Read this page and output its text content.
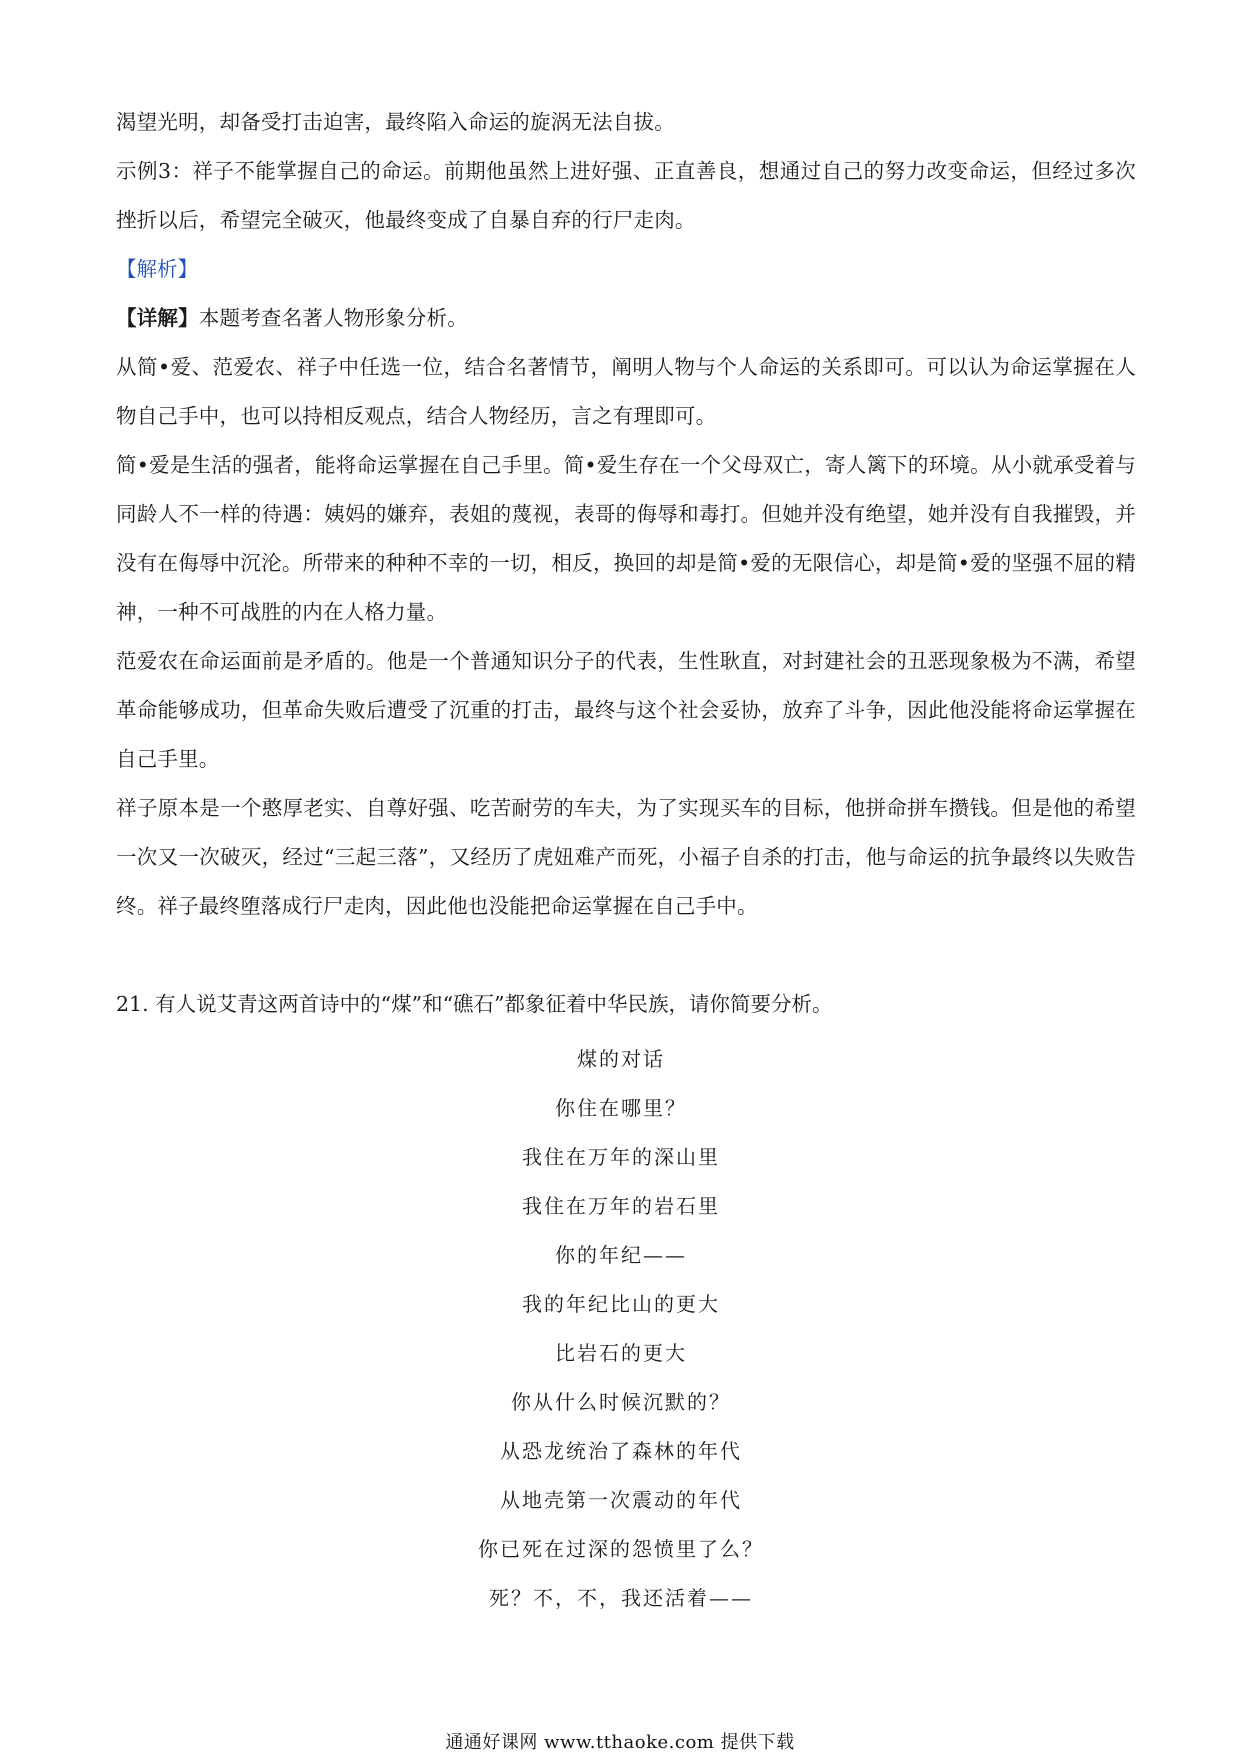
渴望光明，却备受打击迫害，最终陷入命运的旋涡无法自拔。

示例3：祥子不能掌握自己的命运。前期他虽然上进好强、正直善良，想通过自己的努力改变命运，但经过多次挫折以后，希望完全破灭，他最终变成了自暴自弃的行尸走肉。

【解析】

【详解】本题考查名著人物形象分析。

从简•爱、范爱农、祥子中任选一位，结合名著情节，阐明人物与个人命运的关系即可。可以认为命运掌握在人物自己手中，也可以持相反观点，结合人物经历，言之有理即可。

简•爱是生活的强者，能将命运掌握在自己手里。简•爱生存在一个父母双亡，寄人篱下的环境。从小就承受着与同龄人不一样的待遇：姨妈的嫌弃，表姐的蔑视，表哥的侮辱和毒打。但她并没有绝望，她并没有自我摧毁，并没有在侮辱中沉沦。所带来的种种不幸的一切，相反，换回的却是简•爱的无限信心，却是简•爱的坚强不屈的精神，一种不可战胜的内在人格力量。

范爱农在命运面前是矛盾的。他是一个普通知识分子的代表，生性耿直，对封建社会的丑恶现象极为不满，希望革命能够成功，但革命失败后遭受了沉重的打击，最终与这个社会妥协，放弃了斗争，因此他没能将命运掌握在自己手里。

祥子原本是一个憨厚老实、自尊好强、吃苦耐劳的车夫，为了实现买车的目标，他拼命拼车攒钱。但是他的希望一次又一次破灭，经过“三起三落”，又经历了虎妞难产而死，小福子自杀的打击，他与命运的抗争最终以失败告终。祥子最终堕落成行尸走肉，因此他也没能把命运掌握在自己手中。

21. 有人说艾青这两首诗中的“煤”和“礁石”都象征着中华民族，请你简要分析。

煤的对话

你住在哪里？

我住在万年的深山里

我住在万年的岩石里

你的年纪——

我的年纪比山的更大

比岩石的更大

你从什么时候沉默的？

从恐龙统治了森林的年代

从地壳第一次震动的年代

你已死在过深的怨愤里了么？

死？不，不，我还活着——

通通好课网 www.tthaoke.com 提供下载
